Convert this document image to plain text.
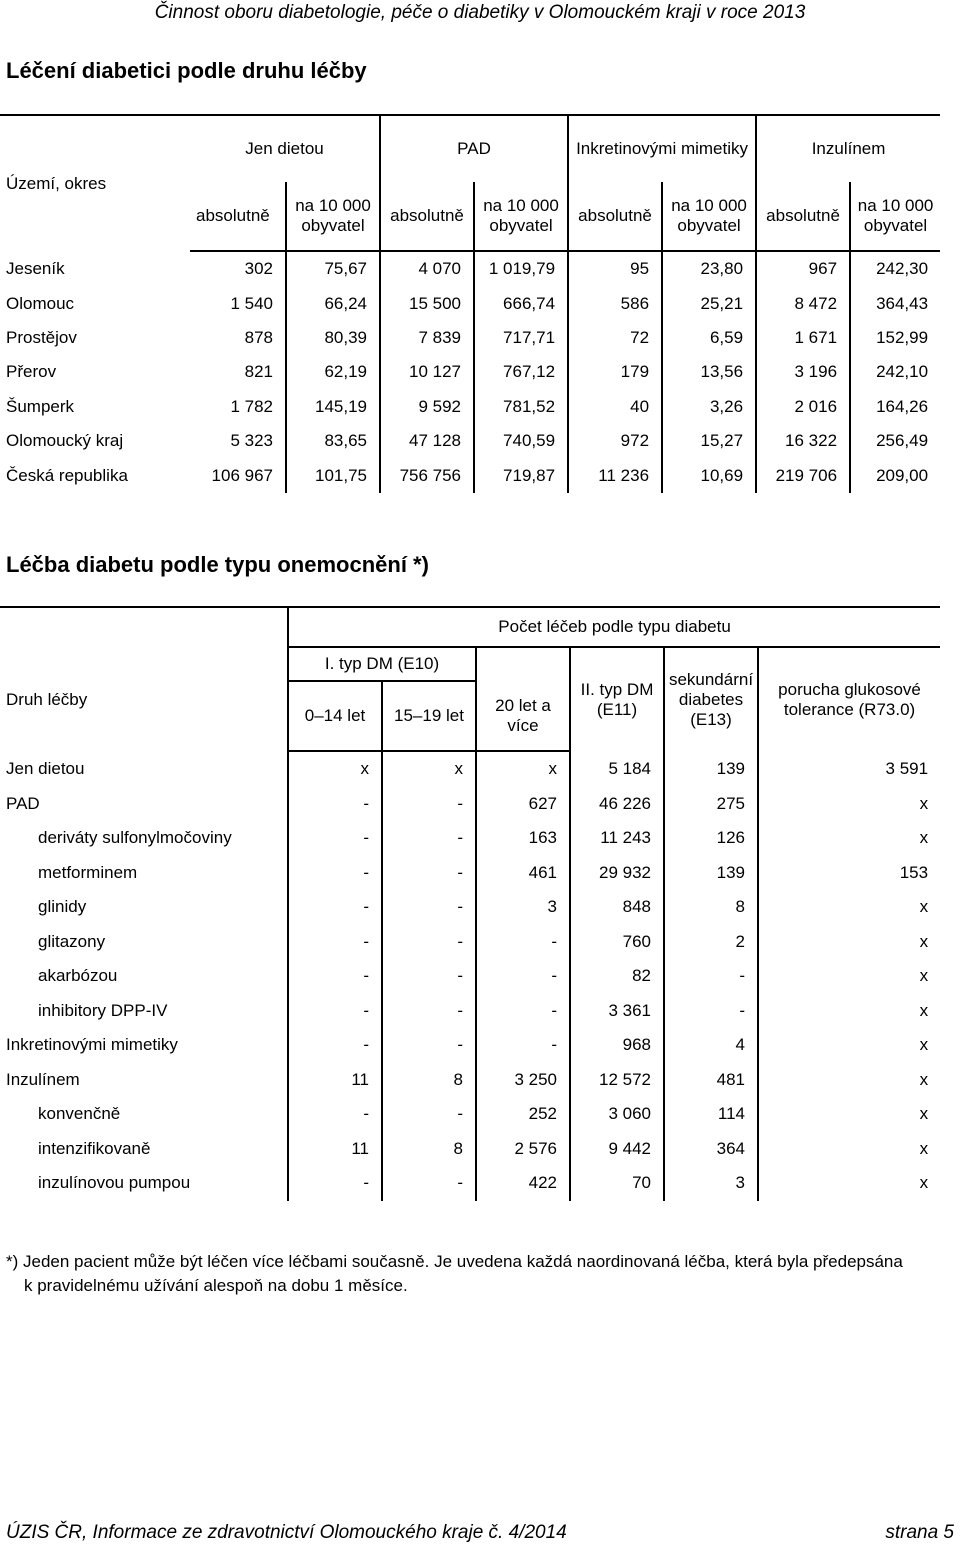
Činnost oboru diabetologie, péče o diabetiky v Olomouckém kraji v roce 2013
Léčení diabetici podle druhu léčby
Území, okres	Jen dietou		PAD		Inkretinovými mimetiky		Inzulínem	
	absolutně	na 10 000 obyvatel	absolutně	na 10 000 obyvatel	absolutně	na 10 000 obyvatel	absolutně	na 10 000 obyvatel
Jeseník	302	75,67	4 070	1 019,79	95	23,80	967	242,30
Olomouc	1 540	66,24	15 500	666,74	586	25,21	8 472	364,43
Prostějov	878	80,39	7 839	717,71	72	6,59	1 671	152,99
Přerov	821	62,19	10 127	767,12	179	13,56	3 196	242,10
Šumperk	1 782	145,19	9 592	781,52	40	3,26	2 016	164,26
Olomoucký kraj	5 323	83,65	47 128	740,59	972	15,27	16 322	256,49
Česká republika	106 967	101,75	756 756	719,87	11 236	10,69	219 706	209,00
Léčba diabetu podle typu onemocnění *)
Druh léčby	Počet léčeb podle typu diabetu					
	I. typ DM (E10)			II. typ DM (E11)	sekundární diabetes (E13)	porucha glukosové tolerance (R73.0)
	0–14 let	15–19 let	20 let a více			
Jen dietou	x	x	x	5 184	139	3 591
PAD	-	-	627	46 226	275	x
deriváty sulfonylmočoviny	-	-	163	11 243	126	x
metforminem	-	-	461	29 932	139	153
glinidy	-	-	3	848	8	x
glitazony	-	-	-	760	2	x
akarbózou	-	-	-	82	-	x
inhibitory DPP-IV	-	-	-	3 361	-	x
Inkretinovými mimetiky	-	-	-	968	4	x
Inzulínem	11	8	3 250	12 572	481	x
konvenčně	-	-	252	3 060	114	x
intenzifikovaně	11	8	2 576	9 442	364	x
inzulínovou pumpou	-	-	422	70	3	x
*) Jeden pacient může být léčen více léčbami současně. Je uvedena každá naordinovaná léčba, která byla předepsána
k pravidelnému užívání alespoň na dobu 1 měsíce.
ÚZIS ČR, Informace ze zdravotnictví Olomouckého kraje č. 4/2014	strana 5
